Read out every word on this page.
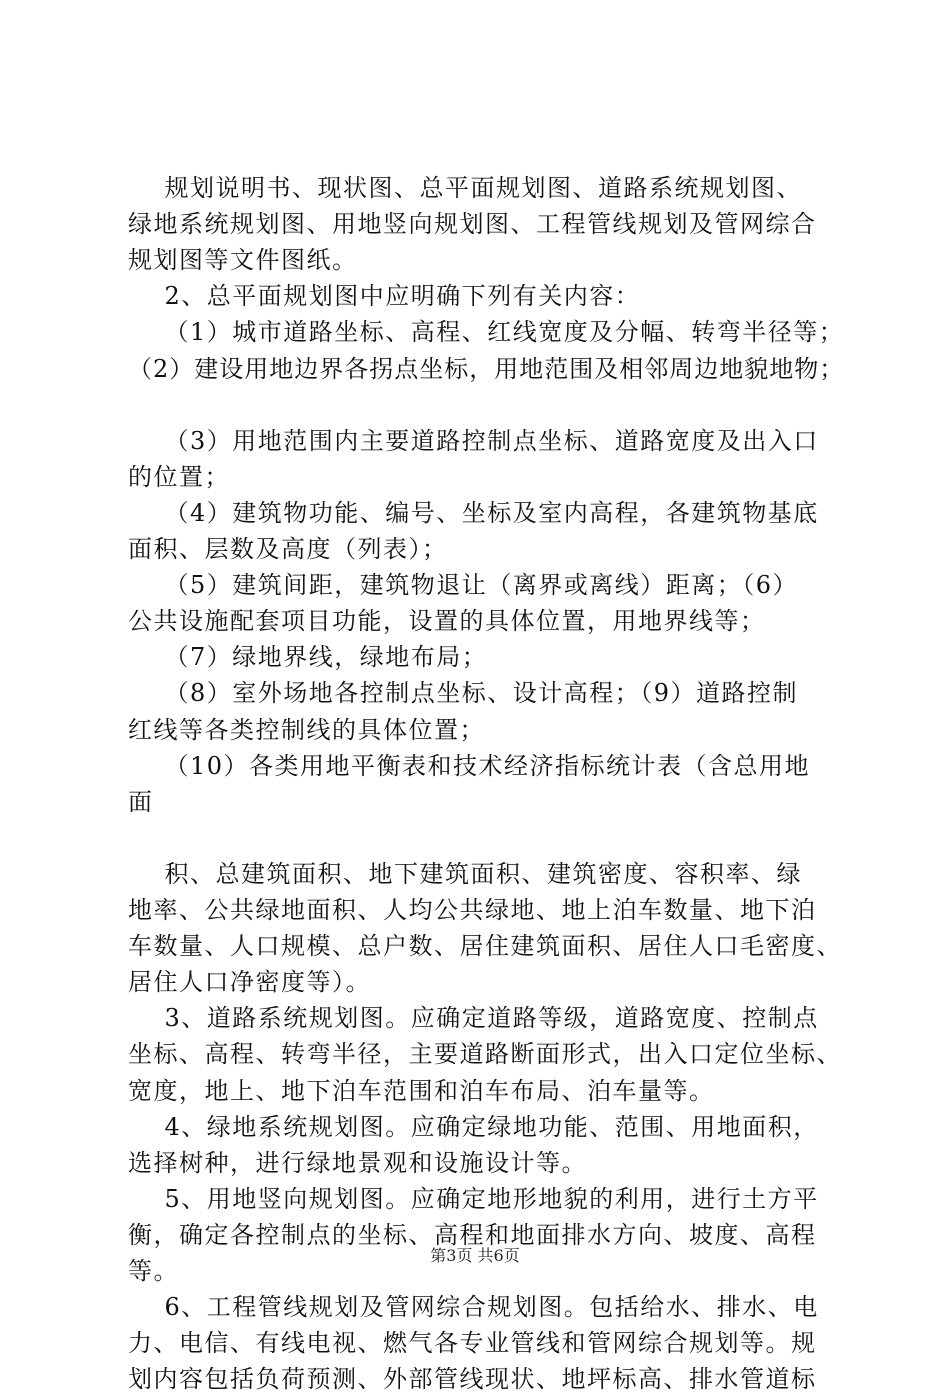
规划说明书、现状图、总平面规划图、道路系统规划图、
绿地系统规划图、用地竖向规划图、工程管线规划及管网综合
规划图等文件图纸。
2、总平面规划图中应明确下列有关内容：
（1）城市道路坐标、高程、红线宽度及分幅、转弯半径等；
（2）建设用地边界各拐点坐标，用地范围及相邻周边地貌地物；
（3）用地范围内主要道路控制点坐标、道路宽度及出入口
的位置；
（4）建筑物功能、编号、坐标及室内高程，各建筑物基底
面积、层数及高度（列表）；
（5）建筑间距，建筑物退让（离界或离线）距离；（6）
公共设施配套项目功能，设置的具体位置，用地界线等；
（7）绿地界线，绿地布局；
（8）室外场地各控制点坐标、设计高程；（9）道路控制
红线等各类控制线的具体位置；
（10）各类用地平衡表和技术经济指标统计表（含总用地
面
积、总建筑面积、地下建筑面积、建筑密度、容积率、绿
地率、公共绿地面积、人均公共绿地、地上泊车数量、地下泊
车数量、人口规模、总户数、居住建筑面积、居住人口毛密度、
居住人口净密度等）。
3、道路系统规划图。应确定道路等级，道路宽度、控制点
坐标、高程、转弯半径，主要道路断面形式，出入口定位坐标、
宽度，地上、地下泊车范围和泊车布局、泊车量等。
4、绿地系统规划图。应确定绿地功能、范围、用地面积，
选择树种，进行绿地景观和设施设计等。
5、用地竖向规划图。应确定地形地貌的利用，进行土方平
衡，确定各控制点的坐标、高程和地面排水方向、坡度、高程
等。
6、工程管线规划及管网综合规划图。包括给水、排水、电
力、电信、有线电视、燃气各专业管线和管网综合规划等。规
划内容包括负荷预测、外部管线现状、地坪标高、排水管道标
第3页 共6页
